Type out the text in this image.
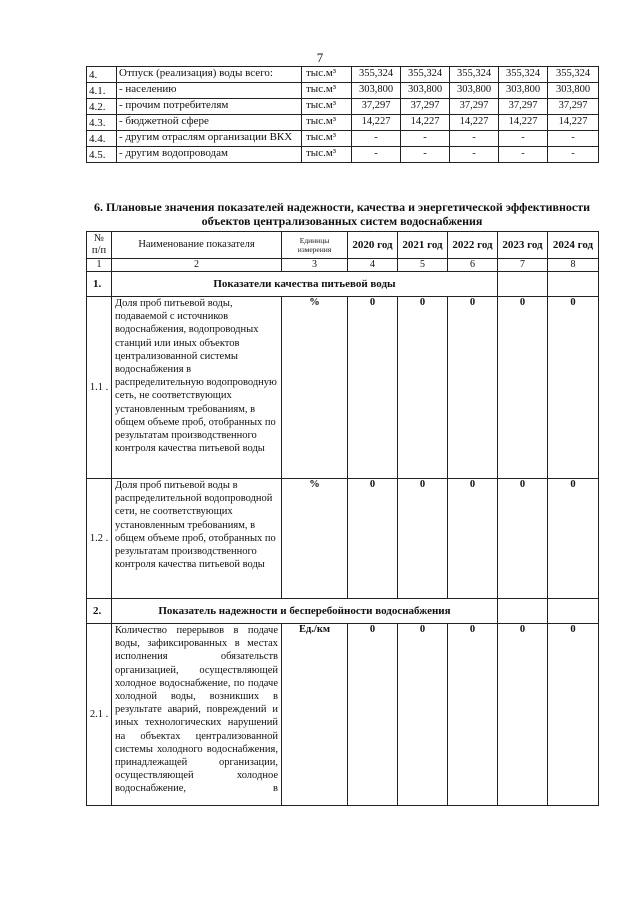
7
4.	Отпуск (реализация) воды всего:	тыс.м³	355,324	355,324	355,324	355,324	355,324
4.1.	- населению	тыс.м³	303,800	303,800	303,800	303,800	303,800
4.2.	- прочим потребителям	тыс.м³	37,297	37,297	37,297	37,297	37,297
4.3.	- бюджетной сфере	тыс.м³	14,227	14,227	14,227	14,227	14,227
4.4.	- другим отраслям организации ВКХ	тыс.м³	-	-	-	-	-
4.5.	- другим водопроводам	тыс.м³	-	-	-	-	-
6. Плановые значения показателей надежности, качества и энергетической эффективности объектов централизованных систем водоснабжения
№ п/п	Наименование показателя	Единицы измерения	2020 год	2021 год	2022 год	2023 год	2024 год
1	2	3	4	5	6	7	8
1.	Показатели качества питьевой воды						
1.1 .	Доля проб питьевой воды, подаваемой с источников водоснабжения, водопроводных станций или иных объектов централизованной системы водоснабжения в распределительную водопроводную сеть, не соответствующих установленным требованиям, в общем объеме проб, отобранных по результатам производственного контроля качества питьевой воды	%	0	0	0	0	0
1.2 .	Доля проб питьевой воды в распределительной водопроводной сети, не соответствующих установленным требованиям, в общем объеме проб, отобранных по результатам производственного контроля качества питьевой воды	%	0	0	0	0	0
2.	Показатель надежности и бесперебойности водоснабжения						
2.1 .	Количество перерывов в подаче воды, зафиксированных в местах исполнения обязательств организацией, осуществляющей холодное водоснабжение, по подаче холодной воды, возникших в результате аварий, повреждений и иных технологических нарушений на объектах централизованной системы холодного водоснабжения, принадлежащей организации, осуществляющей холодное водоснабжение, в	Ед./км	0	0	0	0	0
